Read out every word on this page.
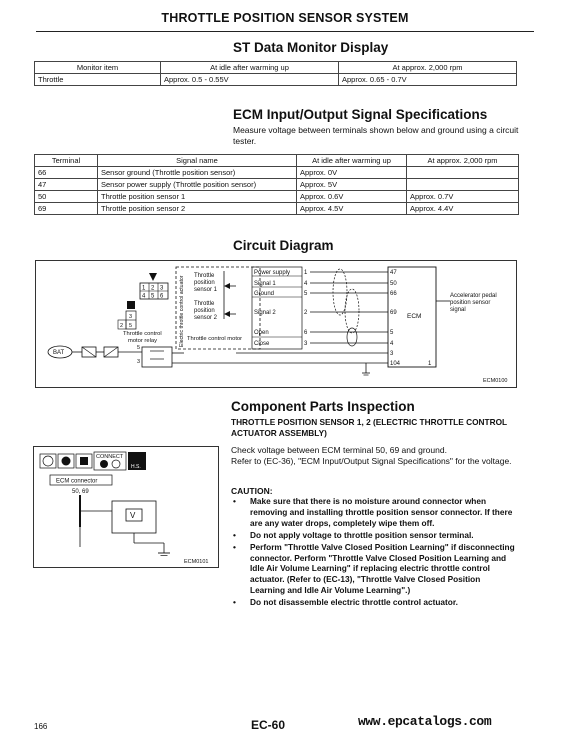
THROTTLE POSITION SENSOR SYSTEM
ST Data Monitor Display
Monitor item	At idle after warming up	At approx. 2,000 rpm
Throttle	Approx. 0.5 - 0.55V	Approx. 0.65 - 0.7V
ECM Input/Output Signal Specifications
Measure voltage between terminals shown below and ground using a circuit tester.
Terminal	Signal name	At idle after warming up	At approx. 2,000 rpm
66	Sensor ground (Throttle position sensor)	Approx. 0V	
47	Sensor power supply (Throttle position sensor)	Approx. 5V	
50	Throttle position sensor 1	Approx. 0.6V	Approx. 0.7V
69	Throttle position sensor 2	Approx. 4.5V	Approx. 4.4V
Circuit Diagram
1 2 3
4 5 6
3
2 5
Throttle control
motor relay
BAT
5
3
Electric throttle control actuator Throttle
position
sensor 1
Throttle
position
sensor 2
Throttle control motor
Power supply
Signal 1
Ground
Signal 2
Open
Close
1
4
5
2
6
3
47
50
66
69
5
4
3
104
ECM
1
Accelerator pedal
position sensor
signal
ECM0100
Component Parts Inspection
THROTTLE POSITION SENSOR 1, 2 (ELECTRIC THROTTLE CONTROL ACTUATOR ASSEMBLY)
Check voltage between ECM terminal 50, 69 and ground.
Refer to (EC-36), "ECM Input/Output Signal Specifications" for the voltage.
CAUTION:
• Make sure that there is no moisture around connector when removing and installing throttle position sensor connector. If there are any water drops, completely wipe them off.
• Do not apply voltage to throttle position sensor terminal.
• Perform "Throttle Valve Closed Position Learning" if disconnecting connector. Perform "Throttle Valve Closed Position Learning and Idle Air Volume Learning" if replacing electric throttle control actuator. (Refer to (EC-13), "Throttle Valve Closed Position Learning and Idle Air Volume Learning".)
• Do not disassemble electric throttle control actuator.
CONNECT
H.S.
ECM connector
50, 69
V
ECM0101
166	EC-60	www.epcatalogs.com
